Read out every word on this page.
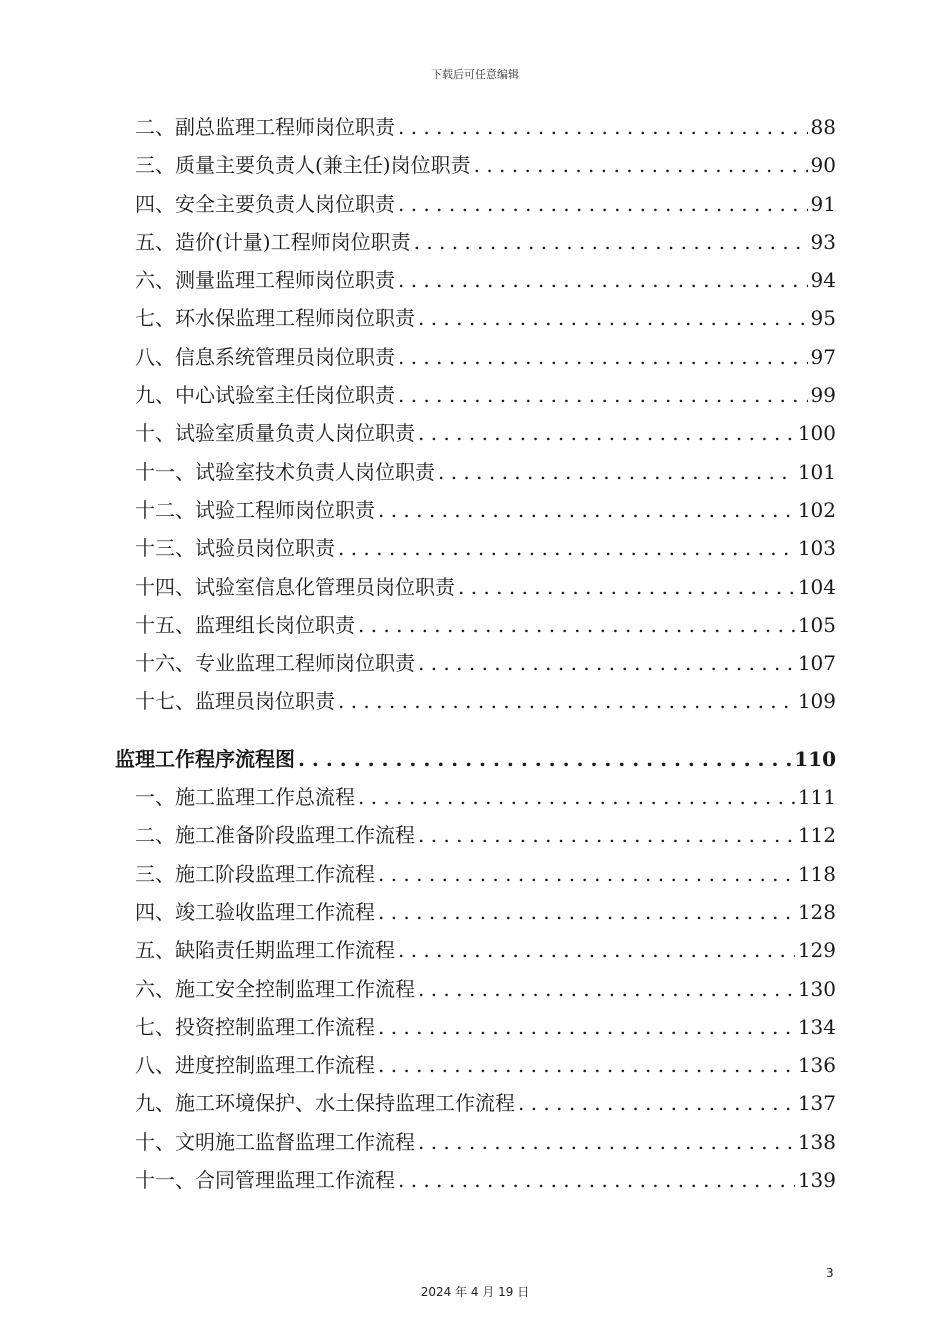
下载后可任意编辑
二、副总监理工程师岗位职责 . . .	88
三、质量主要负责人(兼主任)岗位职责 . . .	90
四、安全主要负责人岗位职责 . . .	91
五、造价(计量)工程师岗位职责 . . .	93
六、测量监理工程师岗位职责 . . .	94
七、环水保监理工程师岗位职责 . . .	95
八、信息系统管理员岗位职责 . . .	97
九、中心试验室主任岗位职责 . . .	99
十、试验室质量负责人岗位职责 . . .	100
十一、试验室技术负责人岗位职责 . . .	101
十二、试验工程师岗位职责 . . .	102
十三、试验员岗位职责 . . .	103
十四、试验室信息化管理员岗位职责 . . .	104
十五、监理组长岗位职责 . . .	105
十六、专业监理工程师岗位职责 . . .	107
十七、监理员岗位职责 . . .	109
监理工作程序流程图 . . .	110
一、施工监理工作总流程 . . .	111
二、施工准备阶段监理工作流程 . . .	112
三、施工阶段监理工作流程 . . .	118
四、竣工验收监理工作流程 . . .	128
五、缺陷责任期监理工作流程 . . .	129
六、施工安全控制监理工作流程 . . .	130
七、投资控制监理工作流程 . . .	134
八、进度控制监理工作流程 . . .	136
九、施工环境保护、水土保持监理工作流程 . . .	137
十、文明施工监督监理工作流程 . . .	138
十一、合同管理监理工作流程 . . .	139
3
2024 年 4 月 19 日
